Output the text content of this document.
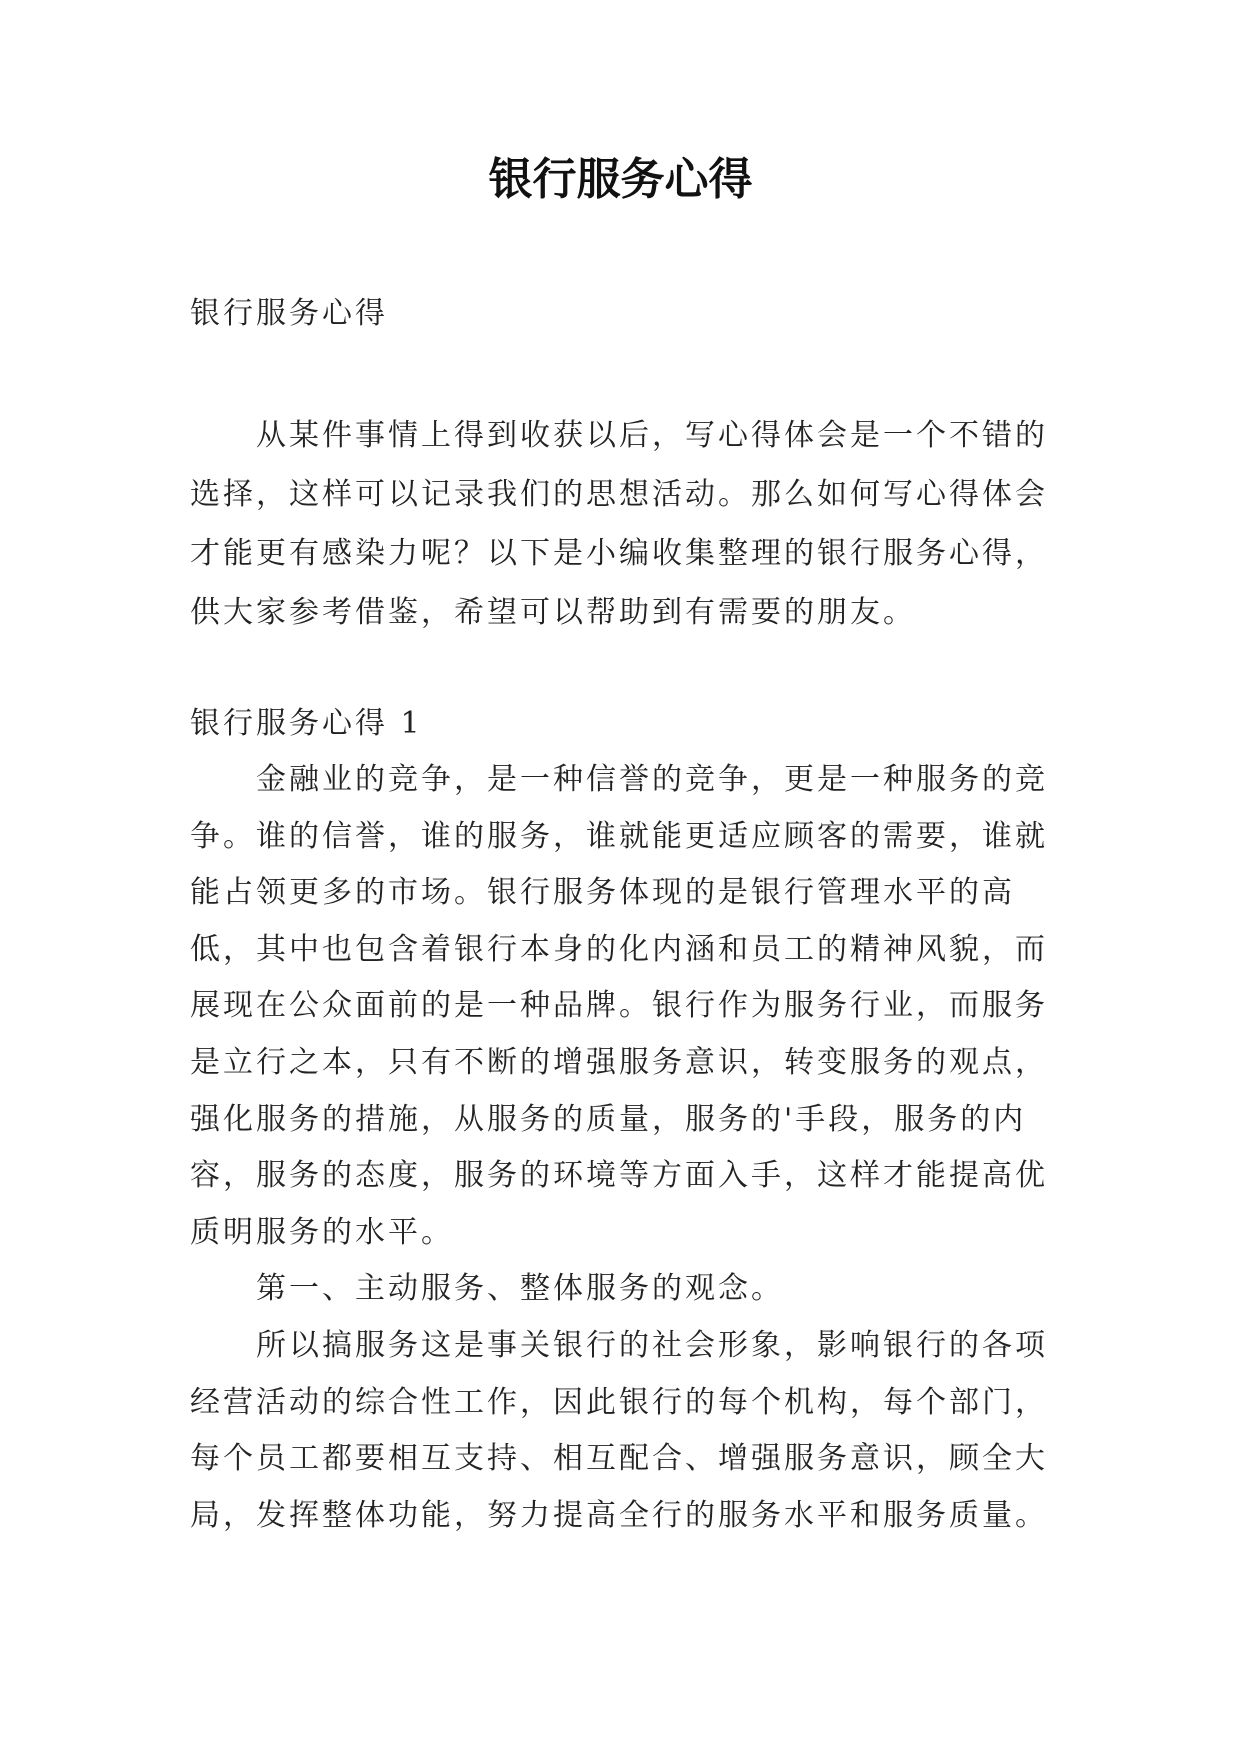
银行服务心得
银行服务心得

从某件事情上得到收获以后，写心得体会是一个不错的选择，这样可以记录我们的思想活动。那么如何写心得体会才能更有感染力呢？以下是小编收集整理的银行服务心得，供大家参考借鉴，希望可以帮助到有需要的朋友。

银行服务心得 1

金融业的竞争，是一种信誉的竞争，更是一种服务的竞争。谁的信誉，谁的服务，谁就能更适应顾客的需要，谁就能占领更多的市场。银行服务体现的是银行管理水平的高低，其中也包含着银行本身的化内涵和员工的精神风貌，而展现在公众面前的是一种品牌。银行作为服务行业，而服务是立行之本，只有不断的增强服务意识，转变服务的观点，强化服务的措施，从服务的质量，服务的'手段，服务的内容，服务的态度，服务的环境等方面入手，这样才能提高优质明服务的水平。

第一、主动服务、整体服务的观念。

所以搞服务这是事关银行的社会形象，影响银行的各项经营活动的综合性工作，因此银行的每个机构，每个部门，每个员工都要相互支持、相互配合、增强服务意识，顾全大局，发挥整体功能，努力提高全行的服务水平和服务质量。
